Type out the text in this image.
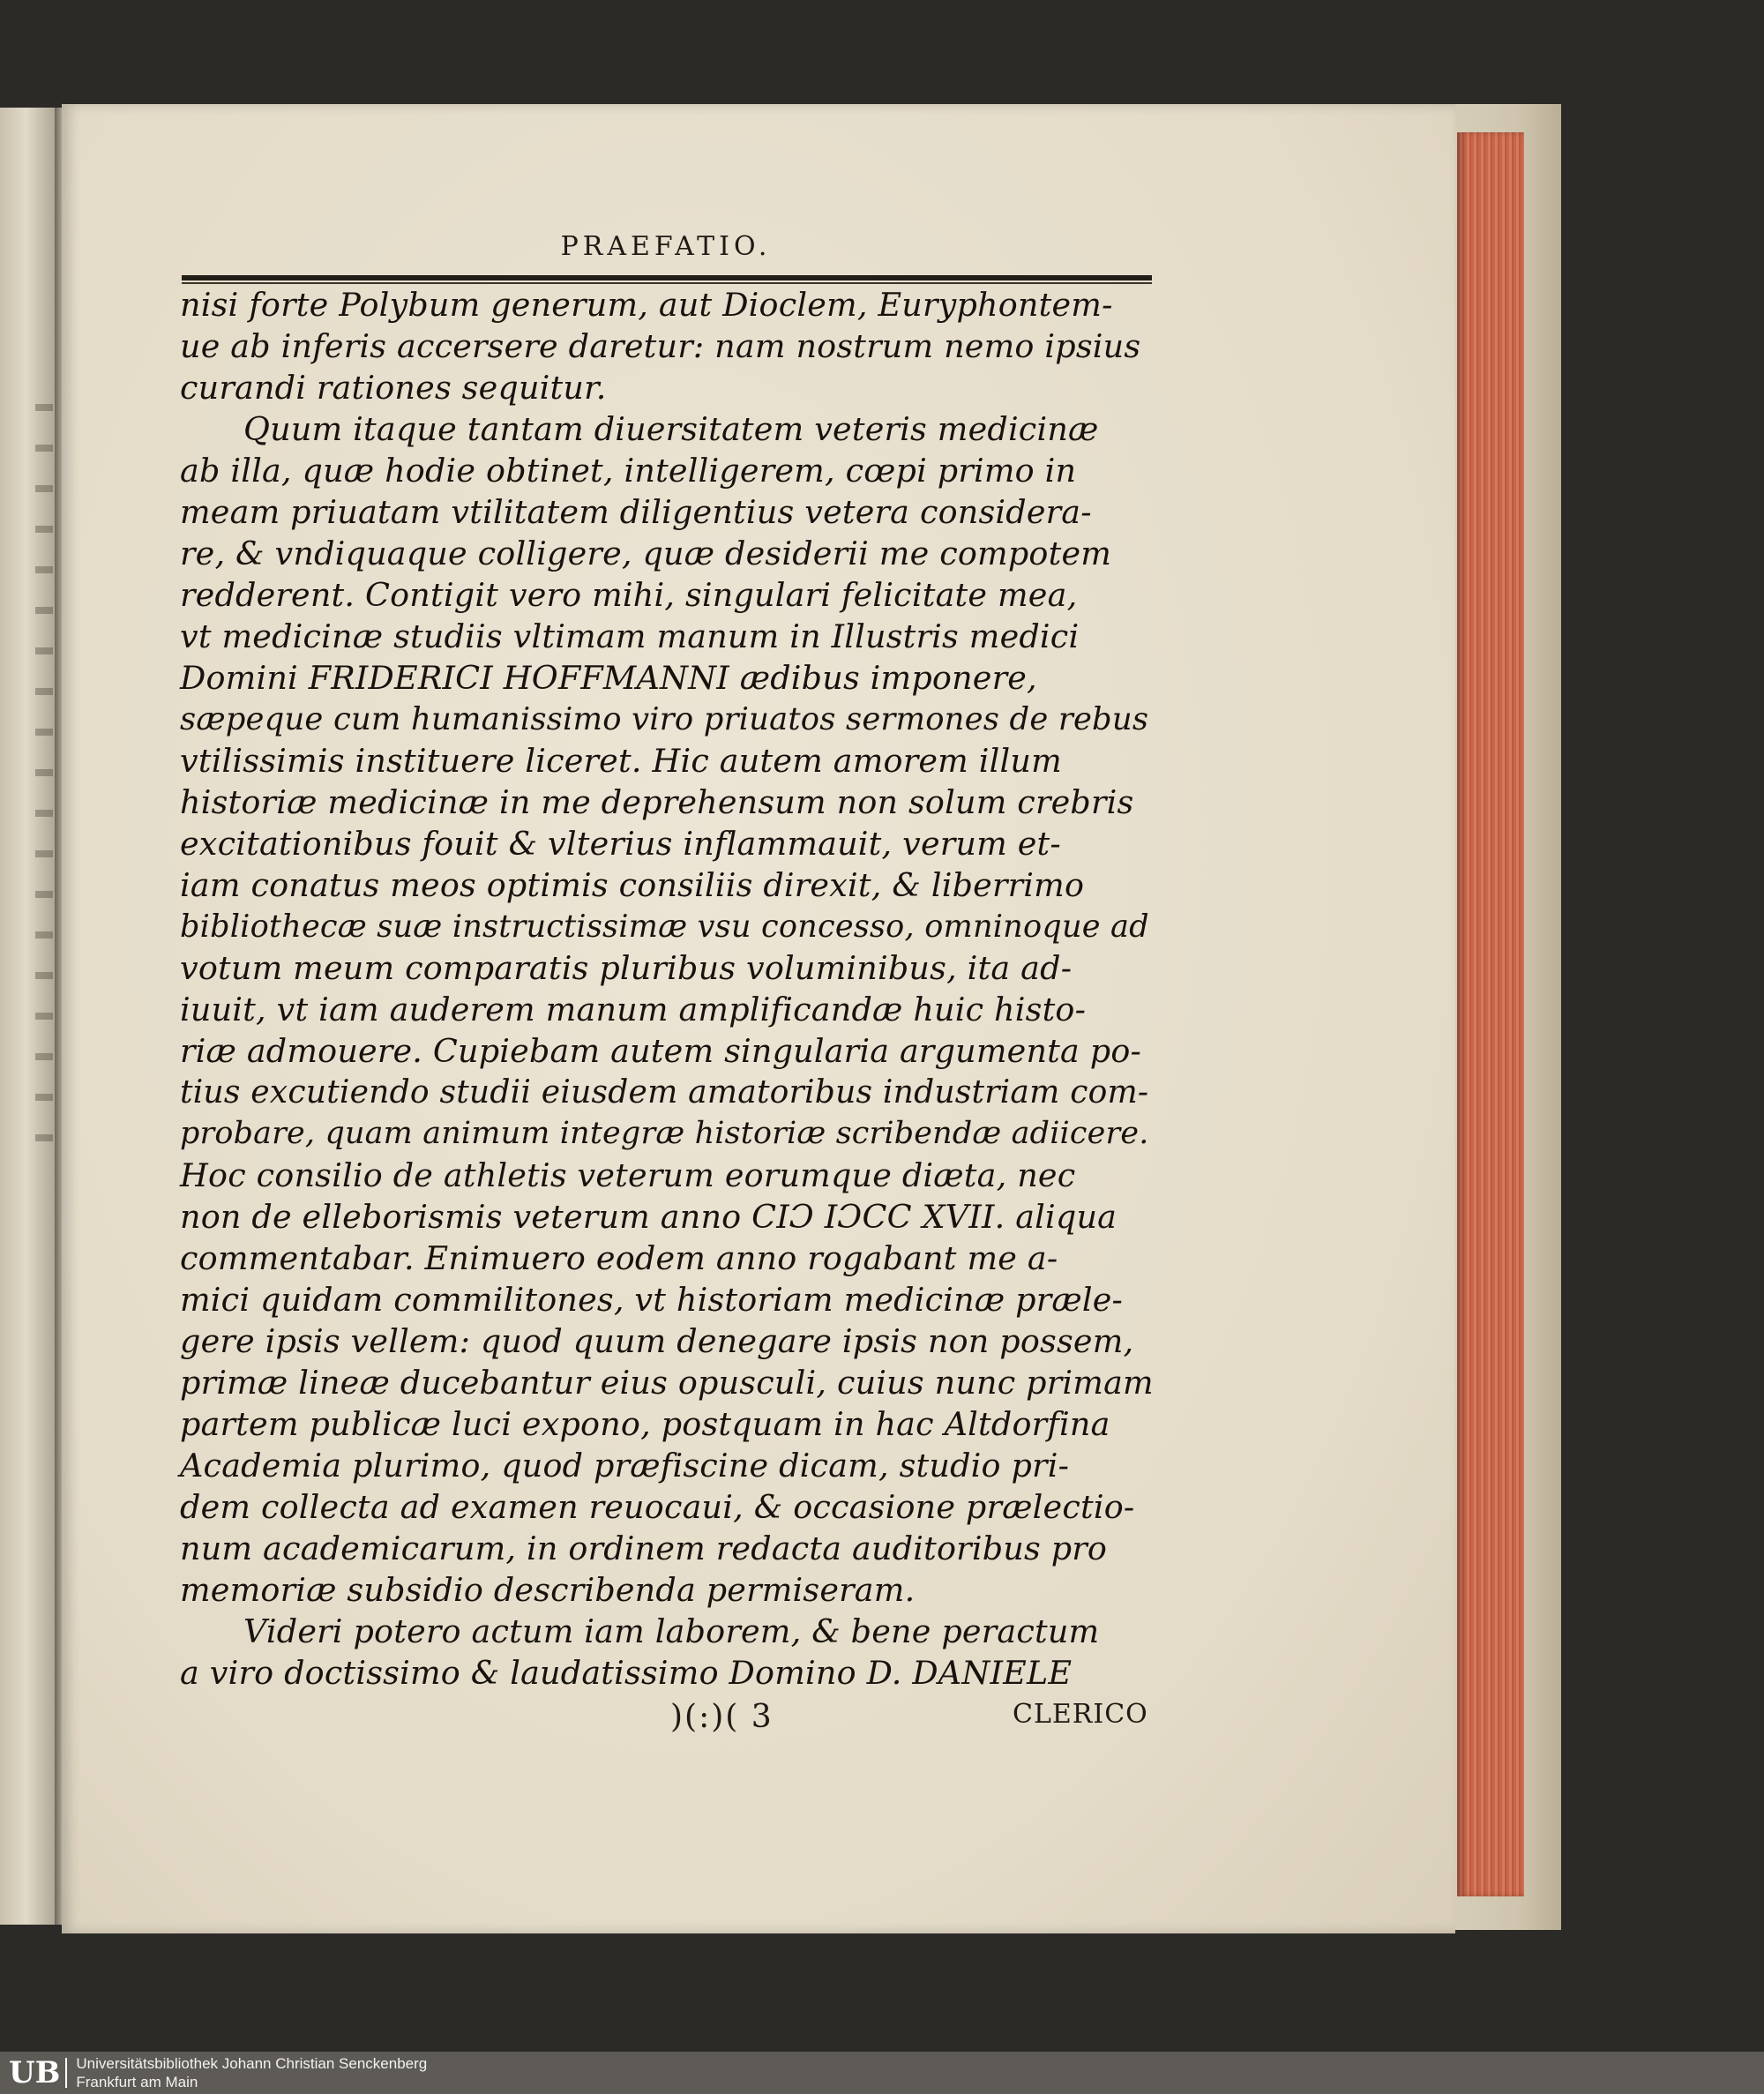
PRAEFATIO.
nisi forte Polybum generum, aut Dioclem, Euryphontem-
ue ab inferis accersere daretur: nam nostrum nemo ipsius
curandi rationes sequitur.
Quum itaque tantam diuersitatem veteris medicinæ
ab illa, quæ hodie obtinet, intelligerem, cœpi primo in
meam priuatam vtilitatem diligentius vetera considera-
re, & vndiquaque colligere, quæ desiderii me compotem
redderent. Contigit vero mihi, singulari felicitate mea,
vt medicinæ studiis vltimam manum in Illustris medici
Domini FRIDERICI HOFFMANNI ædibus imponere,
sæpeque cum humanissimo viro priuatos sermones de rebus
vtilissimis instituere liceret. Hic autem amorem illum
historiæ medicinæ in me deprehensum non solum crebris
excitationibus fouit & vlterius inflammauit, verum et-
iam conatus meos optimis consiliis direxit, & liberrimo
bibliothecæ suæ instructissimæ vsu concesso, omninoque ad
votum meum comparatis pluribus voluminibus, ita ad-
iuuit, vt iam auderem manum amplificandæ huic histo-
riæ admouere. Cupiebam autem singularia argumenta po-
tius excutiendo studii eiusdem amatoribus industriam com-
probare, quam animum integræ historiæ scribendæ adiicere.
Hoc consilio de athletis veterum eorumque diæta, nec
non de elleborismis veterum anno CIƆ IƆCC XVII. aliqua
commentabar. Enimuero eodem anno rogabant me a-
mici quidam commilitones, vt historiam medicinæ præle-
gere ipsis vellem: quod quum denegare ipsis non possem,
primæ lineæ ducebantur eius opusculi, cuius nunc primam
partem publicæ luci expono, postquam in hac Altdorfina
Academia plurimo, quod præfiscine dicam, studio pri-
dem collecta ad examen reuocaui, & occasione prælectio-
num academicarum, in ordinem redacta auditoribus pro
memoriæ subsidio describenda permiseram.
Videri potero actum iam laborem, & bene peractum
a viro doctissimo & laudatissimo Domino D. DANIELE
)(:)( 3	CLERICO
UB Universitätsbibliothek Johann Christian Senckenberg
Frankfurt am Main
